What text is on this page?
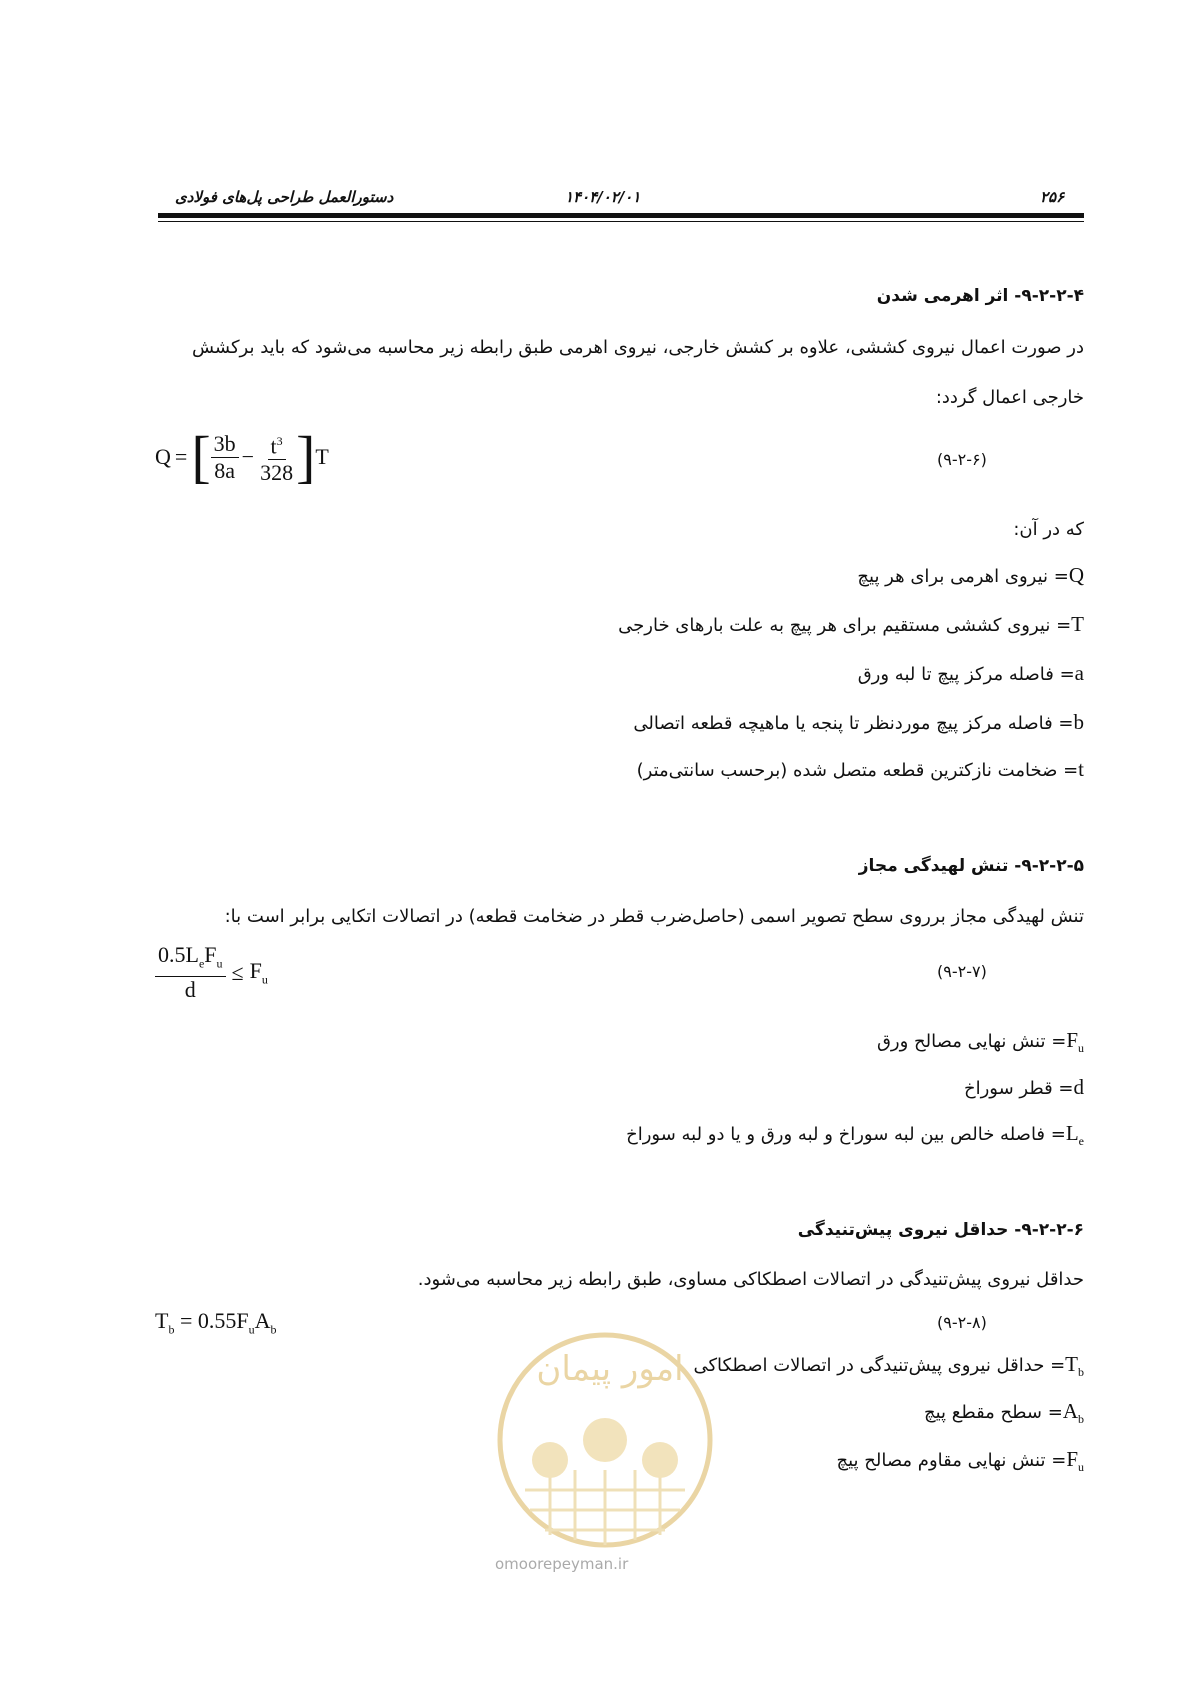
۲۵۶
۱۴۰۴/۰۲/۰۱
دستورالعمل طراحی پل‌های فولادی
۹-۲-۲-۴- اثر اهرمی شدن
در صورت اعمال نیروی کششی، علاوه بر کشش خارجی، نیروی اهرمی طبق رابطه زیر محاسبه می‌شود که باید برکشش
خارجی اعمال گردد:
Q = [ $\frac{3b}{8a} - \frac{t^3}{328}$ ] T	(۹-۲-۶)
که در آن:
Q= نیروی اهرمی برای هر پیچ
T= نیروی کششی مستقیم برای هر پیچ به علت بارهای خارجی
a= فاصله مرکز پیچ تا لبه ورق
b= فاصله مرکز پیچ موردنظر تا پنجه یا ماهیچه قطعه اتصالی
t= ضخامت نازکترین قطعه متصل شده (برحسب سانتی‌متر)
۹-۲-۲-۵- تنش لهیدگی مجاز
تنش لهیدگی مجاز برروی سطح تصویر اسمی (حاصل‌ضرب قطر در ضخامت قطعه) در اتصالات اتکایی برابر است با:
$\frac{0.5L_eF_u}{d} \le F_u$	(۹-۲-۷)
$F_u=$ تنش نهایی مصالح ورق
d= قطر سوراخ
$L_e=$ فاصله خالص بین لبه سوراخ و لبه ورق و یا دو لبه سوراخ
۹-۲-۲-۶- حداقل نیروی پیش‌تنیدگی
حداقل نیروی پیش‌تنیدگی در اتصالات اصطکاکی مساوی، طبق رابطه زیر محاسبه می‌شود.
$T_b = 0.55F_uA_b$	(۹-۲-۸)
امور پیمان
omoorepeyman.ir
$T_b=$ حداقل نیروی پیش‌تنیدگی در اتصالات اصطکاکی
$A_b=$ سطح مقطع پیچ
$F_u=$ تنش نهایی مقاوم مصالح پیچ
